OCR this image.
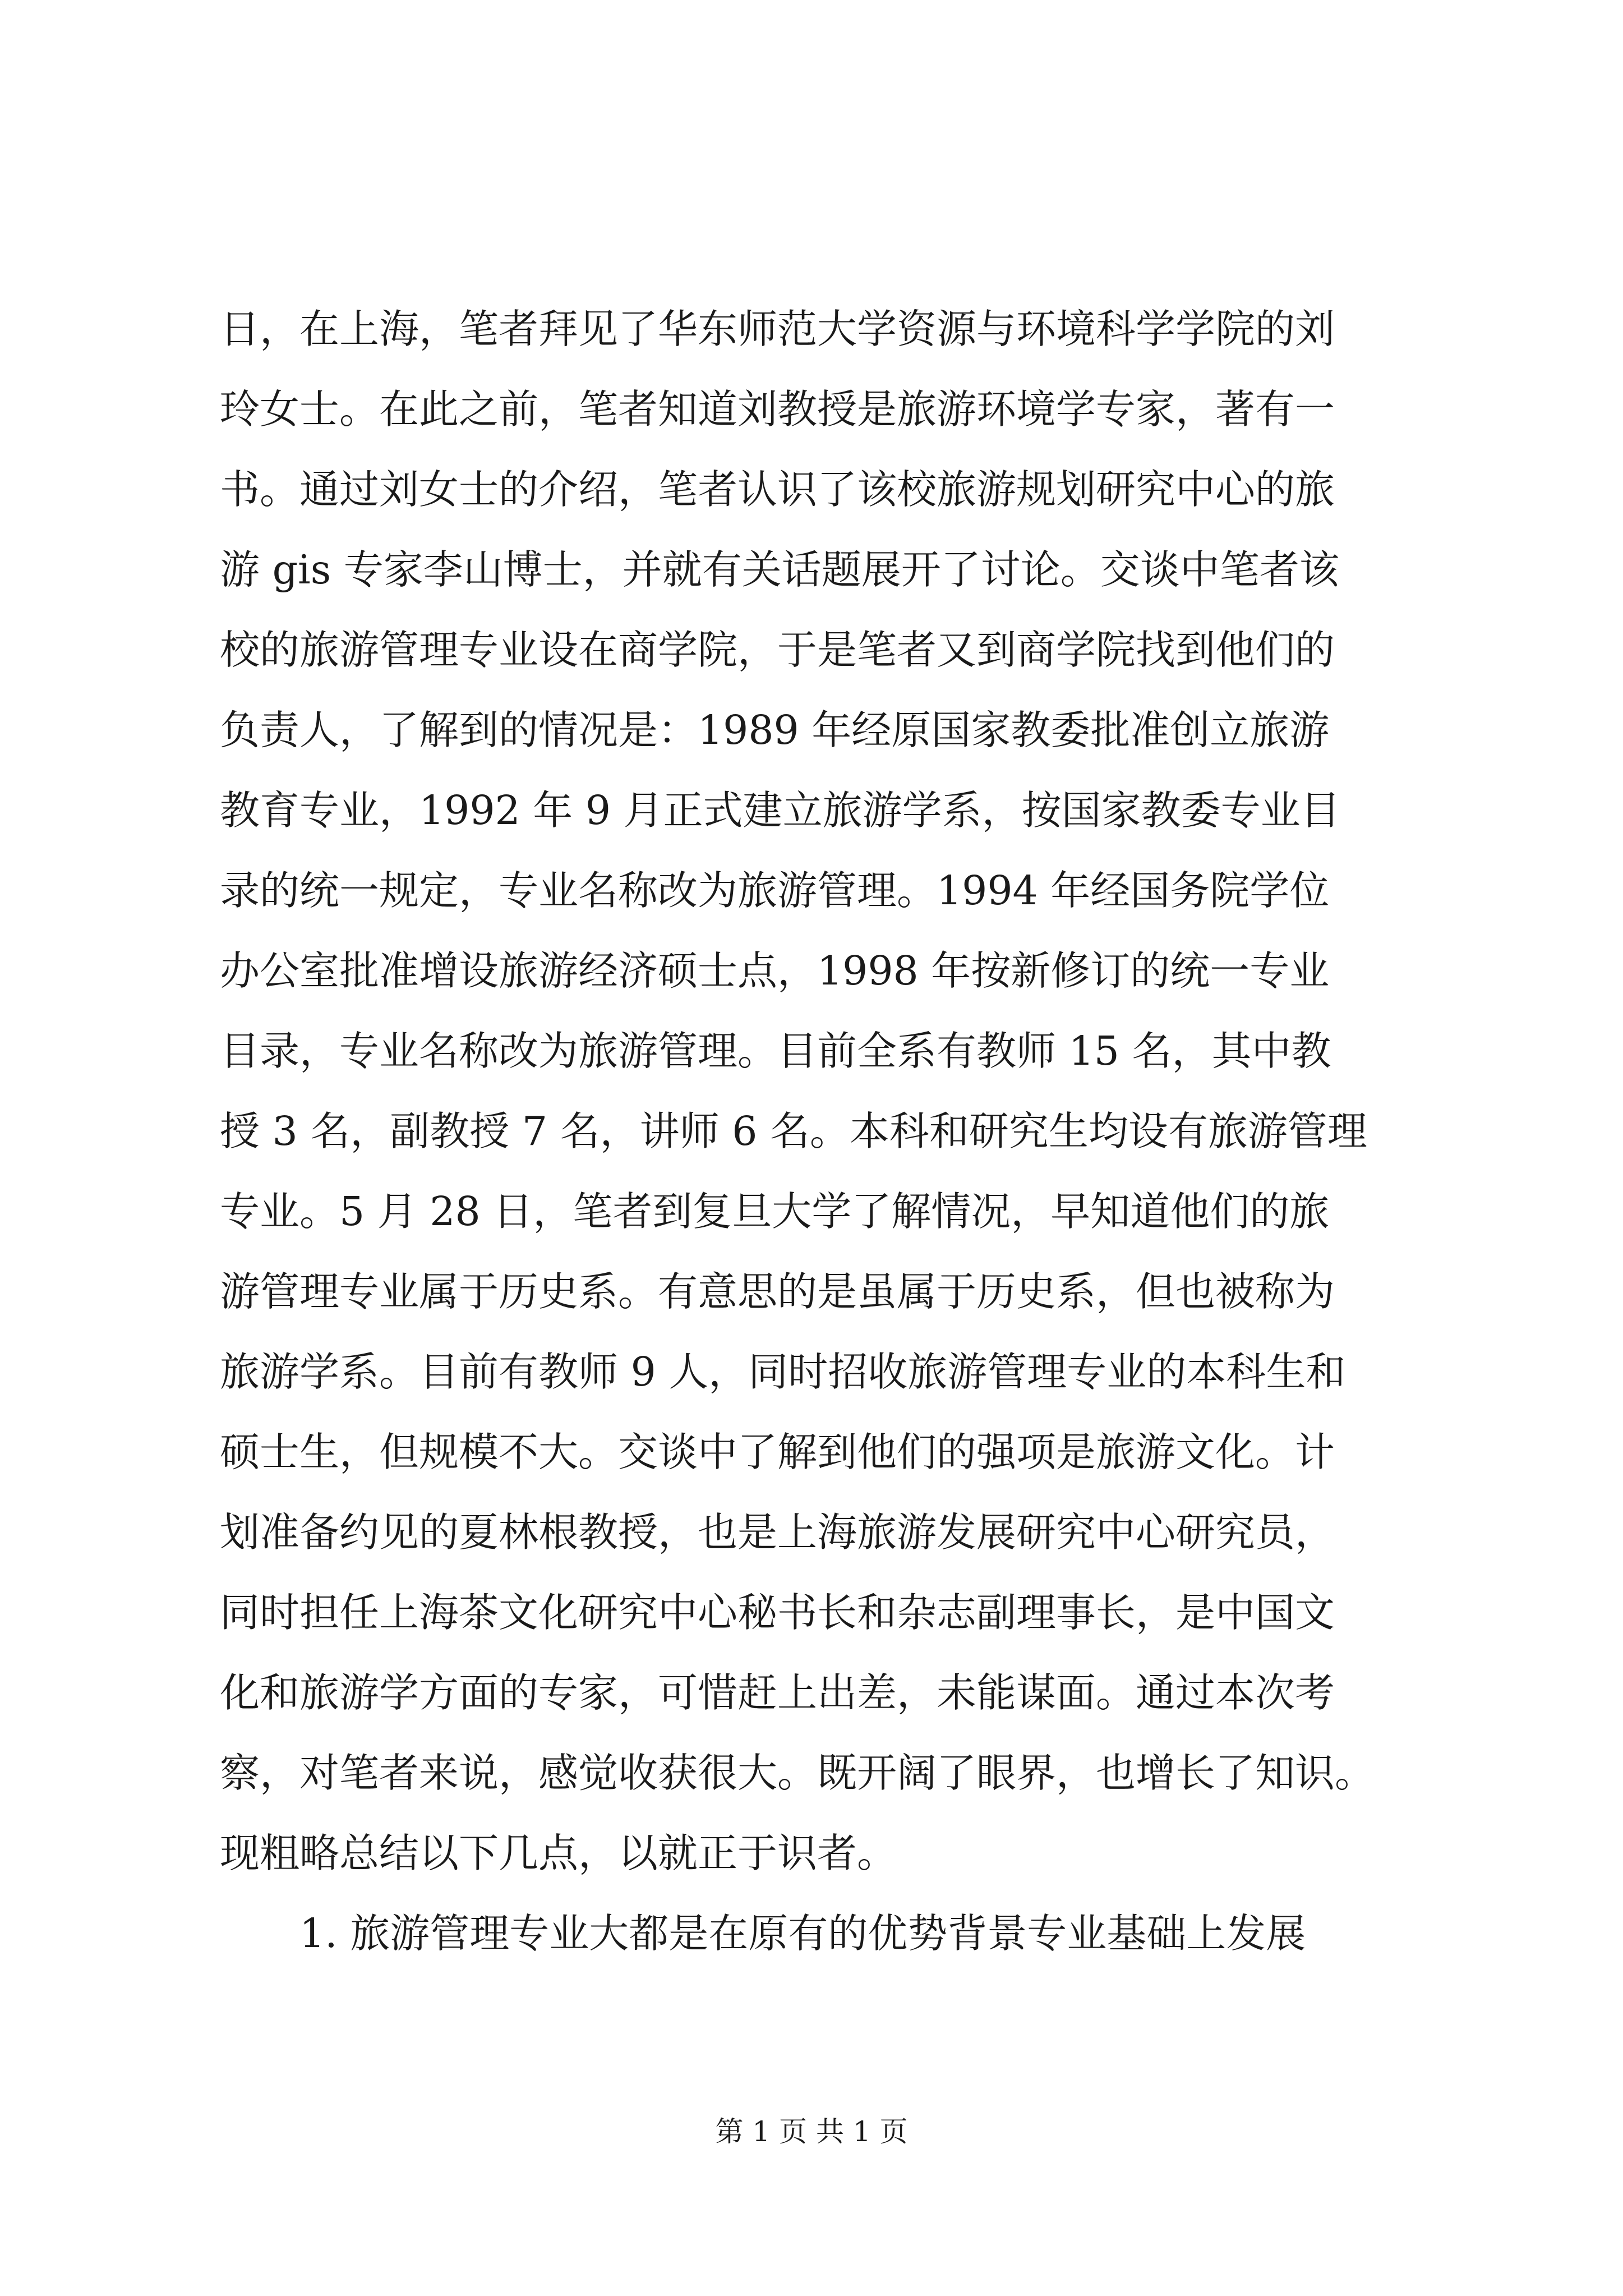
日，在上海，笔者拜见了华东师范大学资源与环境科学学院的刘
玲女士。在此之前，笔者知道刘教授是旅游环境学专家，著有一
书。通过刘女士的介绍，笔者认识了该校旅游规划研究中心的旅
游 gis 专家李山博士，并就有关话题展开了讨论。交谈中笔者该
校的旅游管理专业设在商学院，于是笔者又到商学院找到他们的
负责人，了解到的情况是：1989 年经原国家教委批准创立旅游
教育专业，1992 年 9 月正式建立旅游学系，按国家教委专业目
录的统一规定，专业名称改为旅游管理。1994 年经国务院学位
办公室批准增设旅游经济硕士点，1998 年按新修订的统一专业
目录，专业名称改为旅游管理。目前全系有教师 15 名，其中教
授 3 名，副教授 7 名，讲师 6 名。本科和研究生均设有旅游管理
专业。5 月 28 日，笔者到复旦大学了解情况，早知道他们的旅
游管理专业属于历史系。有意思的是虽属于历史系，但也被称为
旅游学系。目前有教师 9 人，同时招收旅游管理专业的本科生和
硕士生，但规模不大。交谈中了解到他们的强项是旅游文化。计
划准备约见的夏林根教授，也是上海旅游发展研究中心研究员，
同时担任上海茶文化研究中心秘书长和杂志副理事长，是中国文
化和旅游学方面的专家，可惜赶上出差，未能谋面。通过本次考
察，对笔者来说，感觉收获很大。既开阔了眼界，也增长了知识。
现粗略总结以下几点，以就正于识者。
1. 旅游管理专业大都是在原有的优势背景专业基础上发展
第 1 页 共 1 页
